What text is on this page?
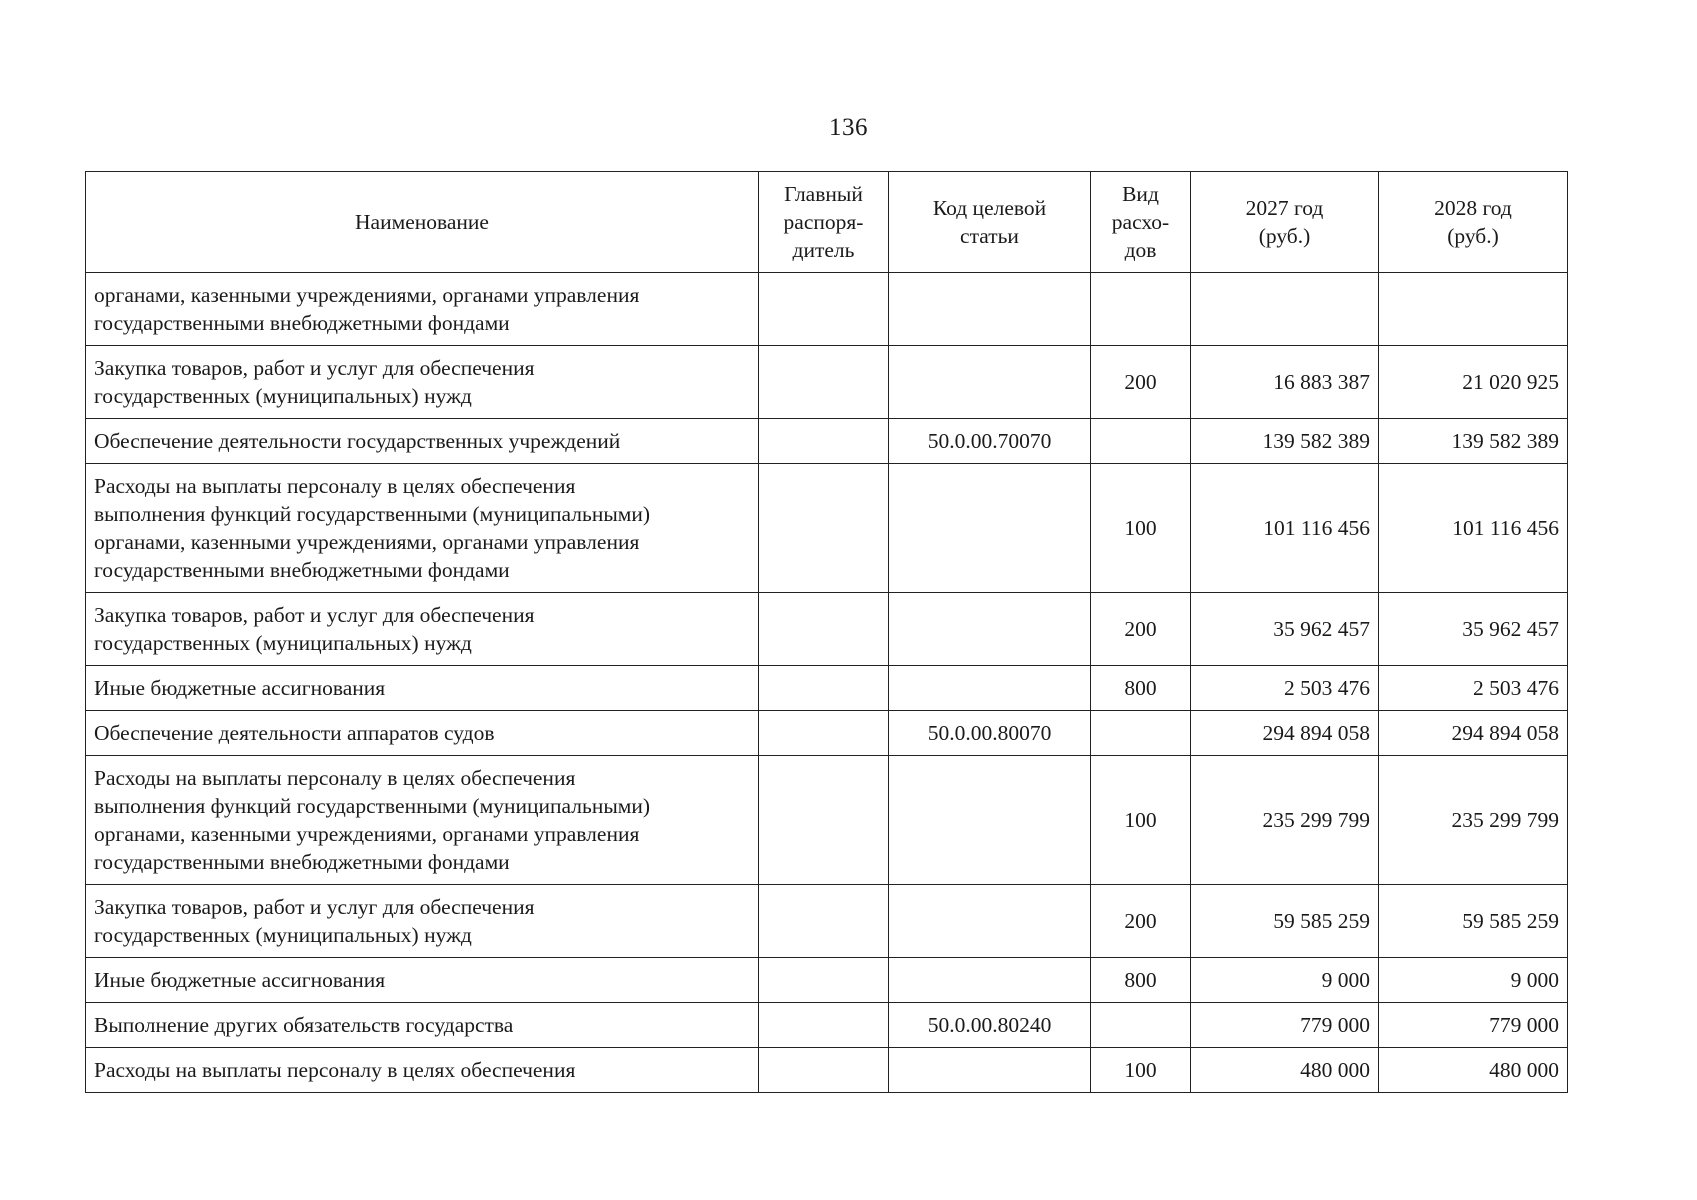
136
Наименование	Главный
распоря-
дитель	Код целевой
статьи	Вид
расхо-
дов	2027 год
(руб.)	2028 год
(руб.)

органами, казенными учреждениями, органами управления
государственными внебюджетными фондами					

Закупка товаров, работ и услуг для обеспечения
государственных (муниципальных) нужд			200	16 883 387	21 020 925

Обеспечение деятельности государственных учреждений		50.0.00.70070		139 582 389	139 582 389

Расходы на выплаты персоналу в целях обеспечения
выполнения функций государственными (муниципальными)
органами, казенными учреждениями, органами управления
государственными внебюджетными фондами			100	101 116 456	101 116 456

Закупка товаров, работ и услуг для обеспечения
государственных (муниципальных) нужд			200	35 962 457	35 962 457

Иные бюджетные ассигнования			800	2 503 476	2 503 476

Обеспечение деятельности аппаратов судов		50.0.00.80070		294 894 058	294 894 058

Расходы на выплаты персоналу в целях обеспечения
выполнения функций государственными (муниципальными)
органами, казенными учреждениями, органами управления
государственными внебюджетными фондами			100	235 299 799	235 299 799

Закупка товаров, работ и услуг для обеспечения
государственных (муниципальных) нужд			200	59 585 259	59 585 259

Иные бюджетные ассигнования			800	9 000	9 000

Выполнение других обязательств государства		50.0.00.80240		779 000	779 000

Расходы на выплаты персоналу в целях обеспечения			100	480 000	480 000
